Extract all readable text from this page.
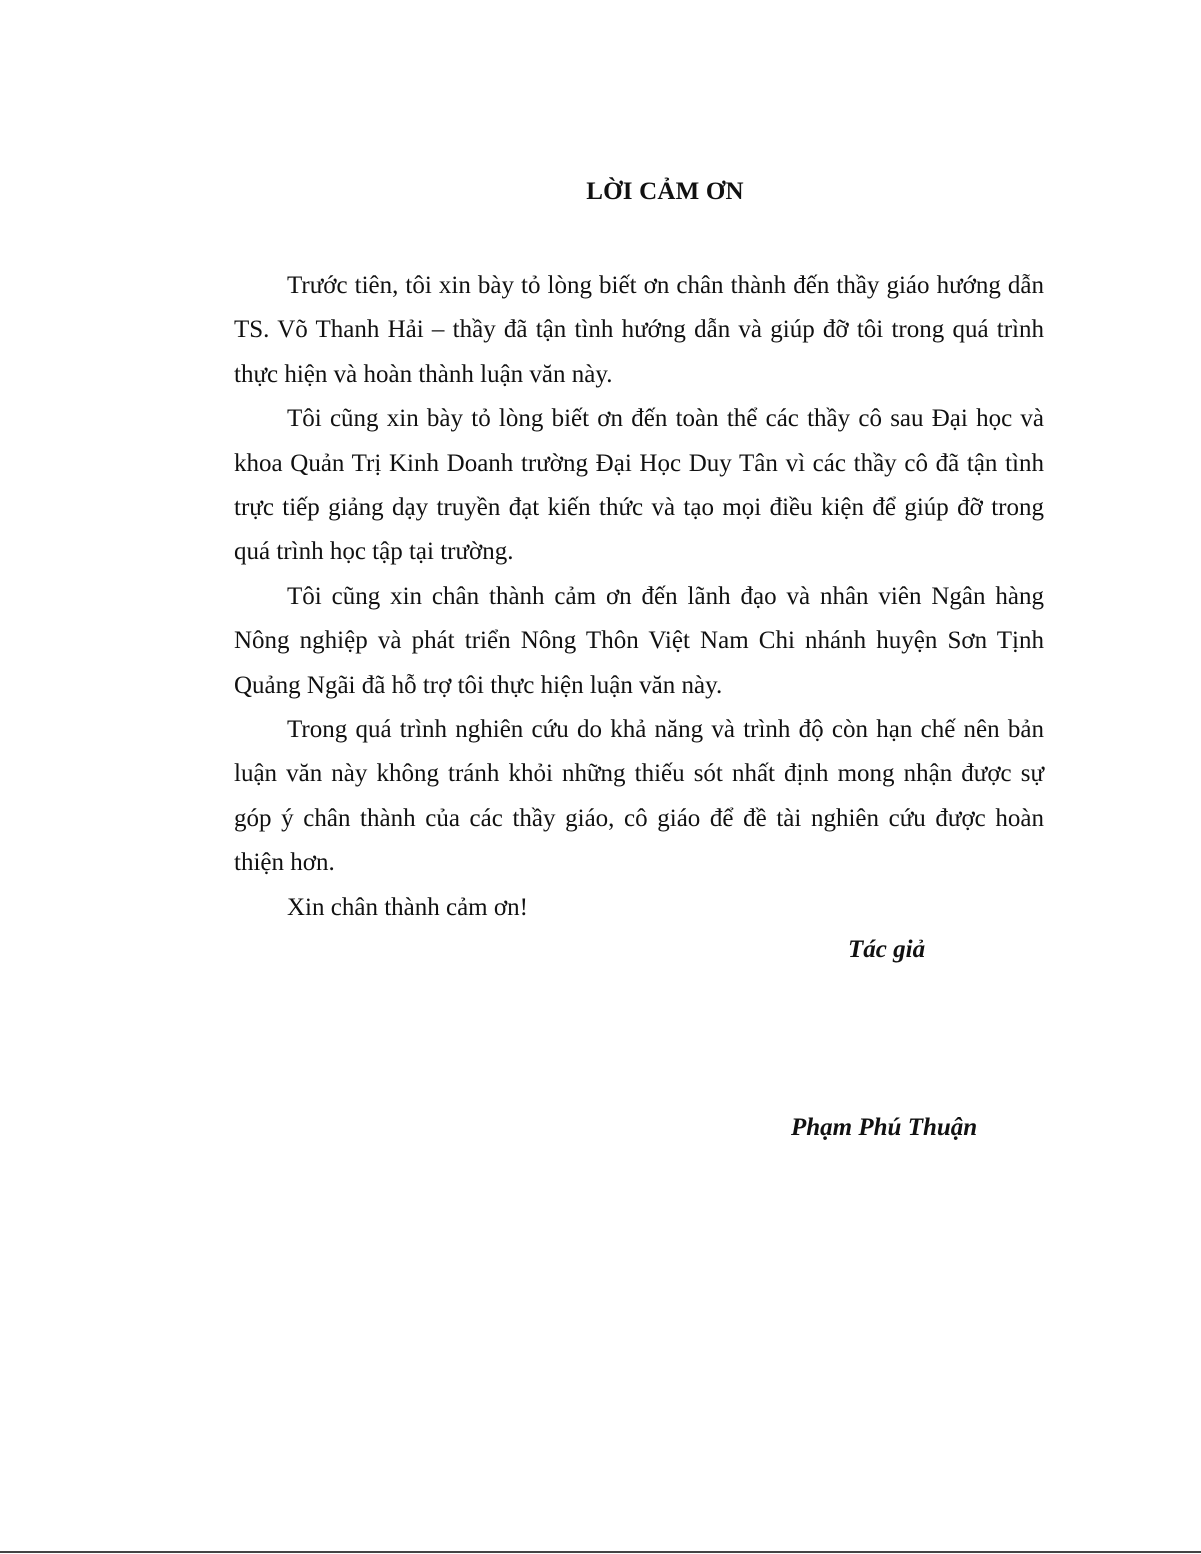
LỜI CẢM ƠN

Trước tiên, tôi xin bày tỏ lòng biết ơn chân thành đến thầy giáo hướng dẫn TS. Võ Thanh Hải – thầy đã tận tình hướng dẫn và giúp đỡ tôi trong quá trình thực hiện và hoàn thành luận văn này.

Tôi cũng xin bày tỏ lòng biết ơn đến toàn thể các thầy cô sau Đại học và khoa Quản Trị Kinh Doanh trường Đại Học Duy Tân vì các thầy cô đã tận tình trực tiếp giảng dạy truyền đạt kiến thức và tạo mọi điều kiện để giúp đỡ trong quá trình học tập tại trường.

Tôi cũng xin chân thành cảm ơn đến lãnh đạo và nhân viên Ngân hàng Nông nghiệp và phát triển Nông Thôn Việt Nam Chi nhánh huyện Sơn Tịnh Quảng Ngãi đã hỗ trợ tôi thực hiện luận văn này.

Trong quá trình nghiên cứu do khả năng và trình độ còn hạn chế nên bản luận văn này không tránh khỏi những thiếu sót nhất định mong nhận được sự góp ý chân thành của các thầy giáo, cô giáo để đề tài nghiên cứu được hoàn thiện hơn.

Xin chân thành cảm ơn!

Tác giả
Phạm Phú Thuận
